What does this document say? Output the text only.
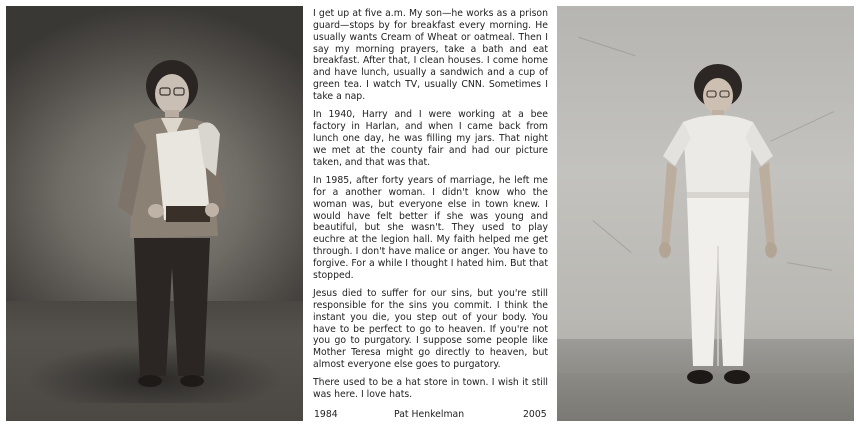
I get up at five a.m. My son—he works as a prison guard—stops by for breakfast every morning. He usually wants Cream of Wheat or oatmeal. Then I say my morning prayers, take a bath and eat breakfast. After that, I clean houses. I come home and have lunch, usually a sandwich and a cup of green tea. I watch TV, usually CNN. Sometimes I take a nap.

In 1940, Harry and I were working at a bee factory in Harlan, and when I came back from lunch one day, he was filling my jars. That night we met at the county fair and had our picture taken, and that was that.

In 1985, after forty years of marriage, he left me for a another woman. I didn't know who the woman was, but everyone else in town knew. I would have felt better if she was young and beautiful, but she wasn't. They used to play euchre at the legion hall. My faith helped me get through. I don't have malice or anger. You have to forgive. For a while I thought I hated him. But that stopped.

Jesus died to suffer for our sins, but you're still responsible for the sins you commit. I think the instant you die, you step out of your body. You have to be perfect to go to heaven. If you're not you go to purgatory. I suppose some people like Mother Teresa might go directly to heaven, but almost everyone else goes to purgatory.

There used to be a hat store in town. I wish it still was here. I love hats.

1984	Pat Henkelman	2005
